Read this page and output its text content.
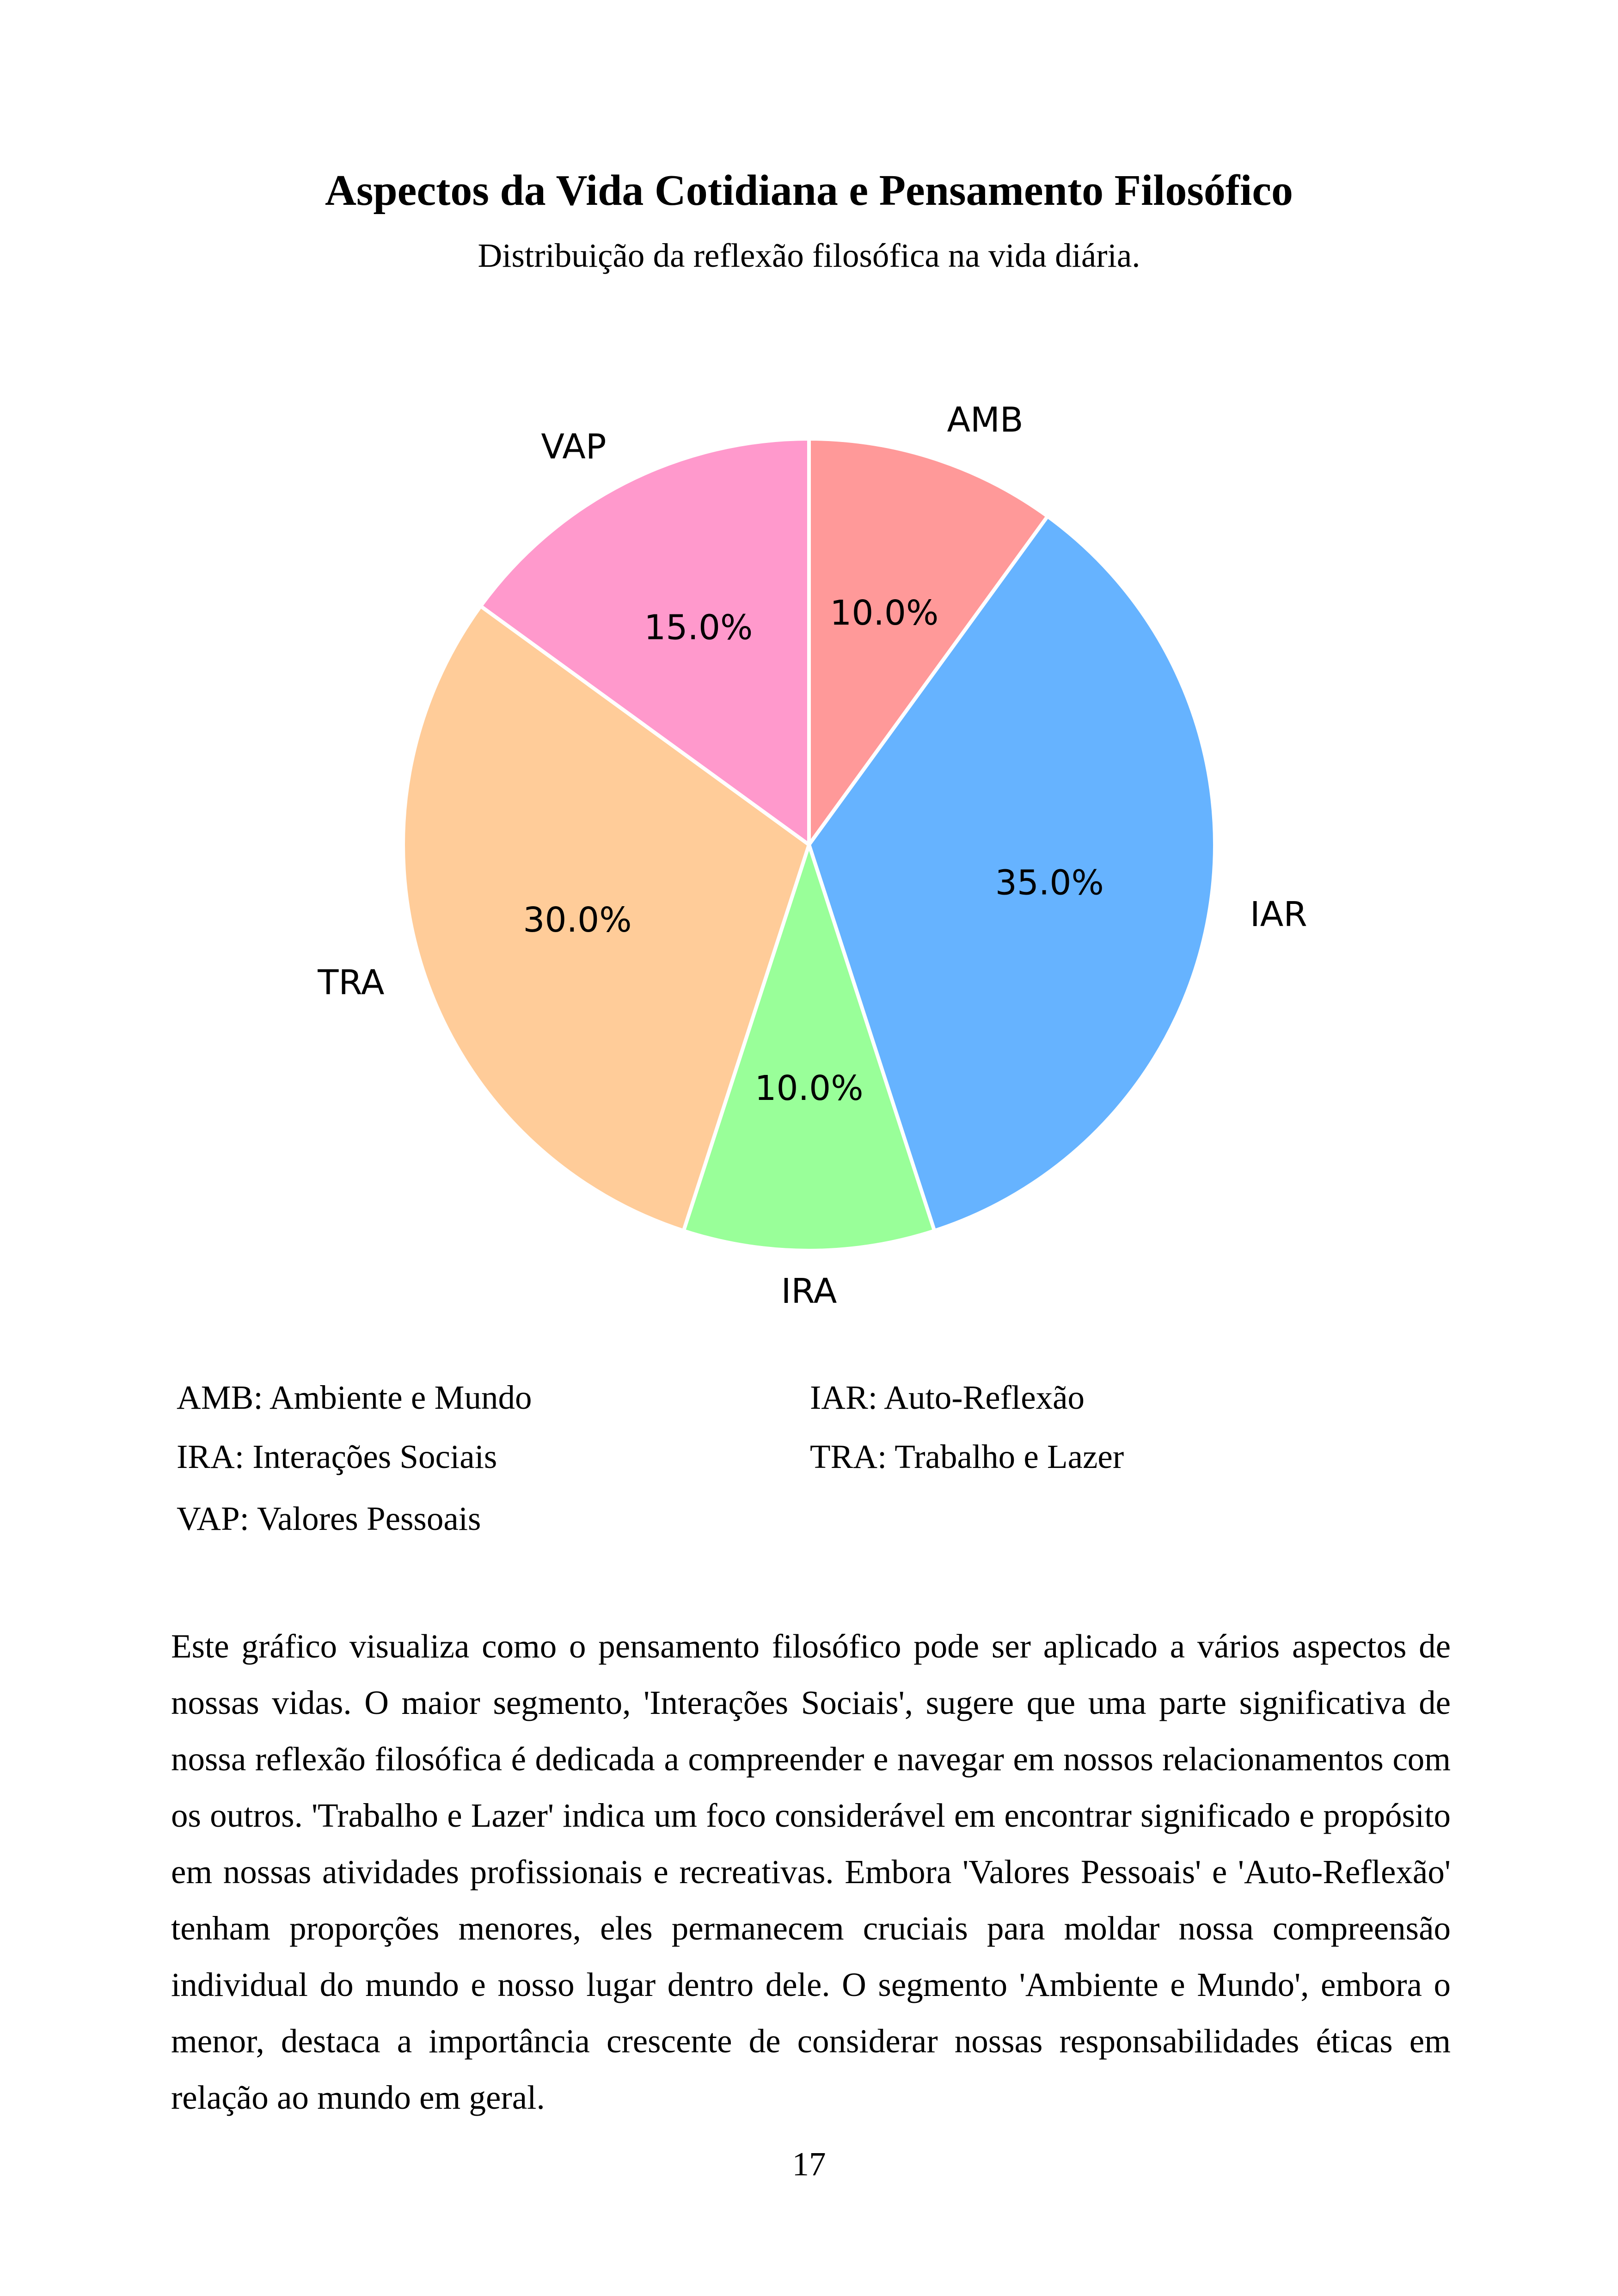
Aspectos da Vida Cotidiana e Pensamento Filosófico
Distribuição da reflexão filosófica na vida diária.
10.0%
35.0%
10.0%
30.0%
15.0%
AMB
IAR
IRA
TRA
VAP
AMB: Ambiente e Mundo	IAR: Auto-Reflexão
IRA: Interações Sociais	TRA: Trabalho e Lazer
VAP: Valores Pessoais
Este gráfico visualiza como o pensamento filosófico pode ser aplicado a vários aspectos de nossas vidas. O maior segmento, 'Interações Sociais', sugere que uma parte significativa de nossa reflexão filosófica é dedicada a compreender e navegar em nossos relacionamentos com os outros. 'Trabalho e Lazer' indica um foco considerável em encontrar significado e propósito em nossas atividades profissionais e recreativas. Embora 'Valores Pessoais' e 'Auto-Reflexão' tenham proporções menores, eles permanecem cruciais para moldar nossa compreensão individual do mundo e nosso lugar dentro dele. O segmento 'Ambiente e Mundo', embora o menor, destaca a importância crescente de considerar nossas responsabilidades éticas em relação ao mundo em geral.
17
